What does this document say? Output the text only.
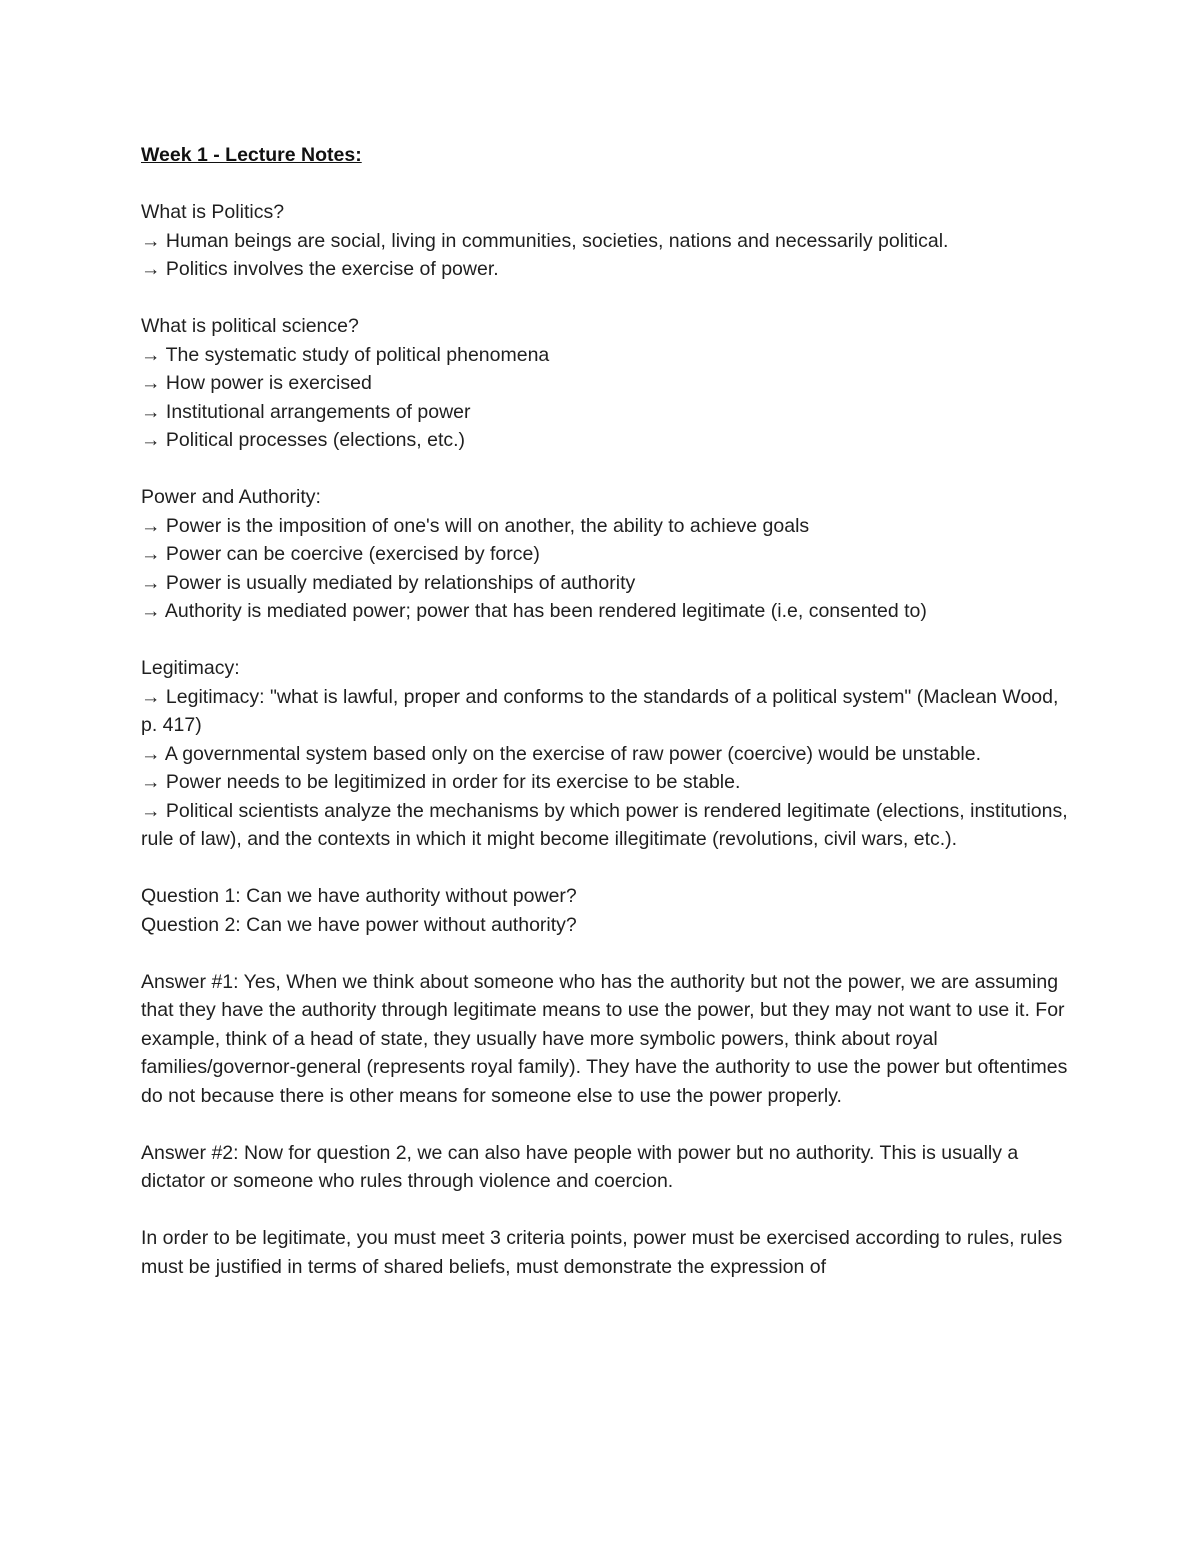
Week 1 - Lecture Notes:

What is Politics?

→ Human beings are social, living in communities, societies, nations and necessarily political.

→ Politics involves the exercise of power.

What is political science?

→ The systematic study of political phenomena

→ How power is exercised

→ Institutional arrangements of power

→ Political processes (elections, etc.)

Power and Authority:

→ Power is the imposition of one's will on another, the ability to achieve goals

→ Power can be coercive (exercised by force)

→ Power is usually mediated by relationships of authority

→ Authority is mediated power; power that has been rendered legitimate (i.e, consented to)

Legitimacy:

→ Legitimacy: "what is lawful, proper and conforms to the standards of a political system" (Maclean Wood, p. 417)

→ A governmental system based only on the exercise of raw power (coercive) would be unstable.

→ Power needs to be legitimized in order for its exercise to be stable.

→ Political scientists analyze the mechanisms by which power is rendered legitimate (elections, institutions, rule of law), and the contexts in which it might become illegitimate (revolutions, civil wars, etc.).

Question 1: Can we have authority without power?

Question 2: Can we have power without authority?

Answer #1: Yes, When we think about someone who has the authority but not the power, we are assuming that they have the authority through legitimate means to use the power, but they may not want to use it. For example, think of a head of state, they usually have more symbolic powers, think about royal families/governor-general (represents royal family). They have the authority to use the power but oftentimes do not because there is other means for someone else to use the power properly.

Answer #2: Now for question 2, we can also have people with power but no authority. This is usually a dictator or someone who rules through violence and coercion.

In order to be legitimate, you must meet 3 criteria points, power must be exercised according to rules, rules must be justified in terms of shared beliefs, must demonstrate the expression of
